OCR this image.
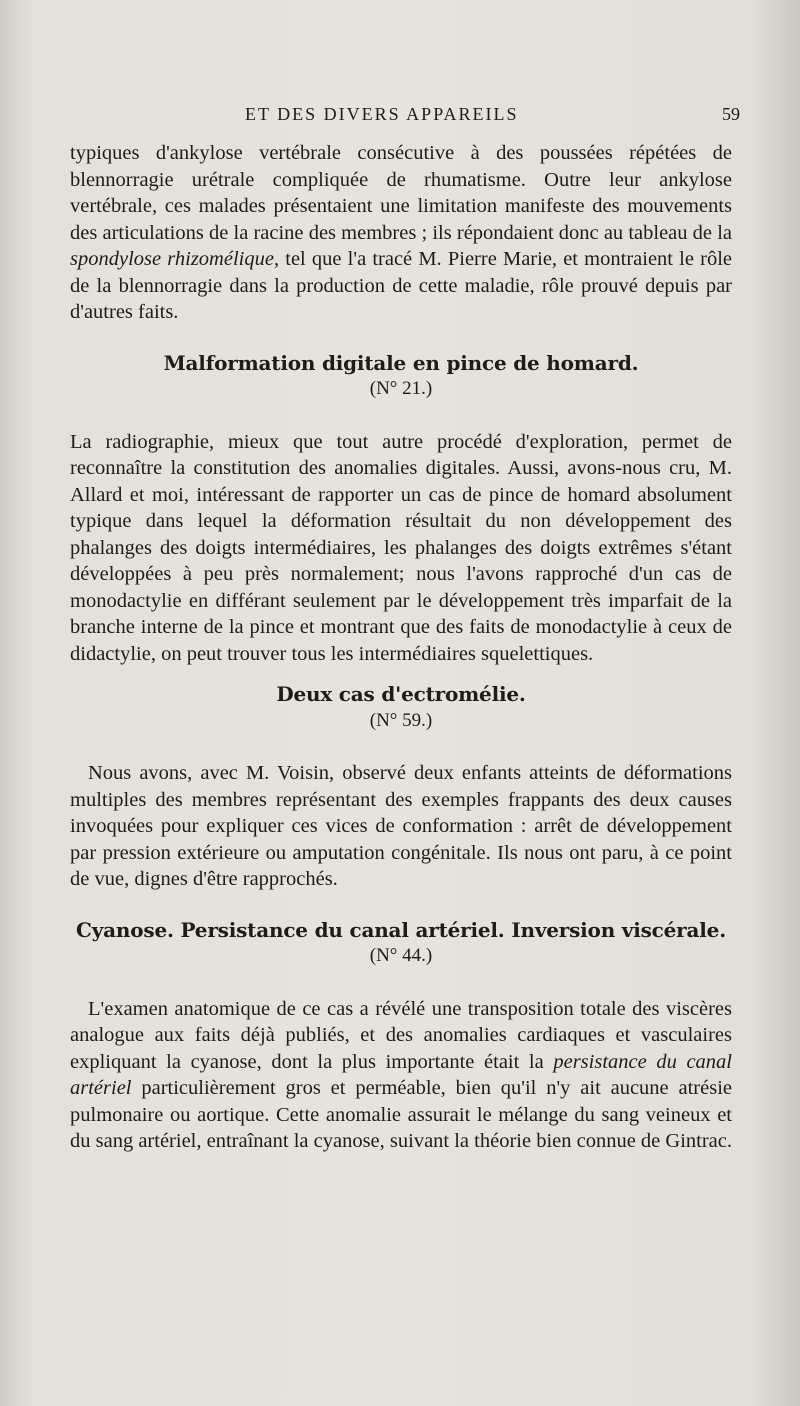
ET DES DIVERS APPAREILS	59

typiques d'ankylose vertébrale consécutive à des poussées répétées de blennorragie urétrale compliquée de rhumatisme. Outre leur ankylose vertébrale, ces malades présentaient une limitation manifeste des mouvements des articulations de la racine des membres ; ils répondaient donc au tableau de la spondylose rhizomélique, tel que l'a tracé M. Pierre Marie, et montraient le rôle de la blennorragie dans la production de cette maladie, rôle prouvé depuis par d'autres faits.

Malformation digitale en pince de homard.

(N° 21.)

La radiographie, mieux que tout autre procédé d'exploration, permet de reconnaître la constitution des anomalies digitales. Aussi, avons-nous cru, M. Allard et moi, intéressant de rapporter un cas de pince de homard absolument typique dans lequel la déformation résultait du non développement des phalanges des doigts intermédiaires, les phalanges des doigts extrêmes s'étant développées à peu près normalement; nous l'avons rapproché d'un cas de monodactylie en différant seulement par le développement très imparfait de la branche interne de la pince et montrant que des faits de monodactylie à ceux de didactylie, on peut trouver tous les intermédiaires squelettiques.

Deux cas d'ectromélie.

(N° 59.)

Nous avons, avec M. Voisin, observé deux enfants atteints de déformations multiples des membres représentant des exemples frappants des deux causes invoquées pour expliquer ces vices de conformation : arrêt de développement par pression extérieure ou amputation congénitale. Ils nous ont paru, à ce point de vue, dignes d'être rapprochés.

Cyanose. Persistance du canal artériel. Inversion viscérale.

(N° 44.)

L'examen anatomique de ce cas a révélé une transposition totale des viscères analogue aux faits déjà publiés, et des anomalies cardiaques et vasculaires expliquant la cyanose, dont la plus importante était la persistance du canal artériel particulièrement gros et perméable, bien qu'il n'y ait aucune atrésie pulmonaire ou aortique. Cette anomalie assurait le mélange du sang veineux et du sang artériel, entraînant la cyanose, suivant la théorie bien connue de Gintrac.
